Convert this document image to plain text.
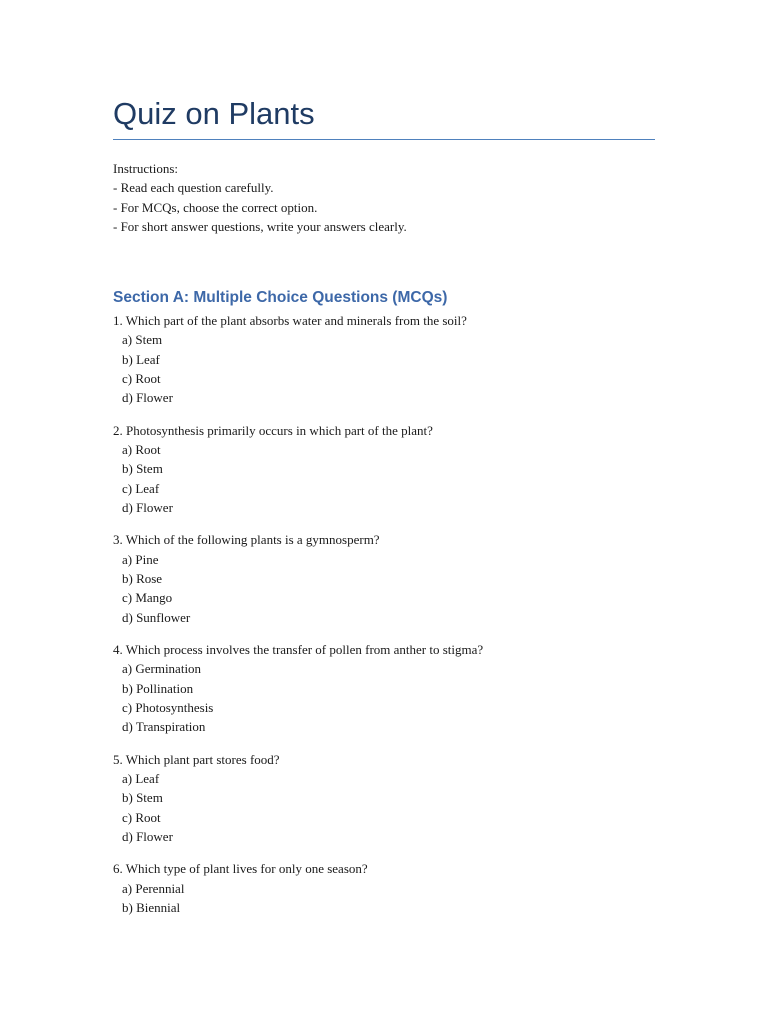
Quiz on Plants
Instructions:
- Read each question carefully.
- For MCQs, choose the correct option.
- For short answer questions, write your answers clearly.
Section A: Multiple Choice Questions (MCQs)
1. Which part of the plant absorbs water and minerals from the soil?
a) Stem
b) Leaf
c) Root
d) Flower
2. Photosynthesis primarily occurs in which part of the plant?
a) Root
b) Stem
c) Leaf
d) Flower
3. Which of the following plants is a gymnosperm?
a) Pine
b) Rose
c) Mango
d) Sunflower
4. Which process involves the transfer of pollen from anther to stigma?
a) Germination
b) Pollination
c) Photosynthesis
d) Transpiration
5. Which plant part stores food?
a) Leaf
b) Stem
c) Root
d) Flower
6. Which type of plant lives for only one season?
a) Perennial
b) Biennial
